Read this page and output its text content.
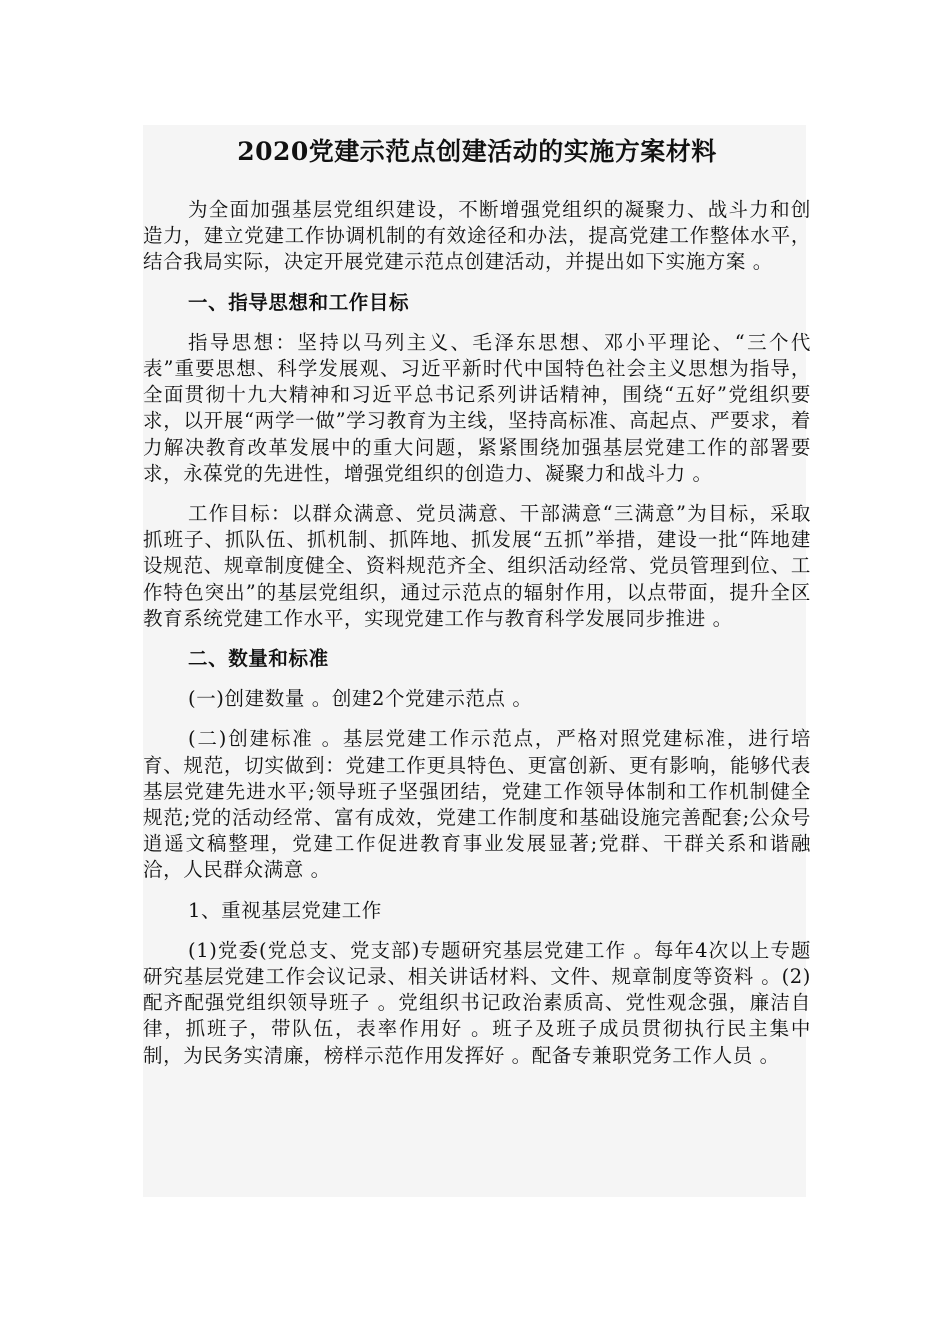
2020党建示范点创建活动的实施方案材料

为全面加强基层党组织建设，不断增强党组织的凝聚力、战斗力和创造力，建立党建工作协调机制的有效途径和办法，提高党建工作整体水平，结合我局实际，决定开展党建示范点创建活动，并提出如下实施方案 。

一、指导思想和工作目标

指导思想：坚持以马列主义、毛泽东思想、邓小平理论、“三个代表”重要思想、科学发展观、习近平新时代中国特色社会主义思想为指导，全面贯彻十九大精神和习近平总书记系列讲话精神，围绕“五好”党组织要求，以开展“两学一做”学习教育为主线，坚持高标准、高起点、严要求，着力解决教育改革发展中的重大问题，紧紧围绕加强基层党建工作的部署要求，永葆党的先进性，增强党组织的创造力、凝聚力和战斗力 。

工作目标：以群众满意、党员满意、干部满意“三满意”为目标，采取抓班子、抓队伍、抓机制、抓阵地、抓发展“五抓”举措，建设一批“阵地建设规范、规章制度健全、资料规范齐全、组织活动经常、党员管理到位、工作特色突出”的基层党组织，通过示范点的辐射作用，以点带面，提升全区教育系统党建工作水平，实现党建工作与教育科学发展同步推进 。

二、数量和标准

(一)创建数量 。创建2个党建示范点 。

(二)创建标准 。基层党建工作示范点，严格对照党建标准，进行培育、规范，切实做到：党建工作更具特色、更富创新、更有影响，能够代表基层党建先进水平;领导班子坚强团结，党建工作领导体制和工作机制健全规范;党的活动经常、富有成效，党建工作制度和基础设施完善配套;公众号逍遥文稿整理，党建工作促进教育事业发展显著;党群、干群关系和谐融洽，人民群众满意 。

1、重视基层党建工作

(1)党委(党总支、党支部)专题研究基层党建工作 。每年4次以上专题研究基层党建工作会议记录、相关讲话材料、文件、规章制度等资料 。(2)配齐配强党组织领导班子 。党组织书记政治素质高、党性观念强，廉洁自律，抓班子，带队伍，表率作用好 。班子及班子成员贯彻执行民主集中制，为民务实清廉，榜样示范作用发挥好 。配备专兼职党务工作人员 。
